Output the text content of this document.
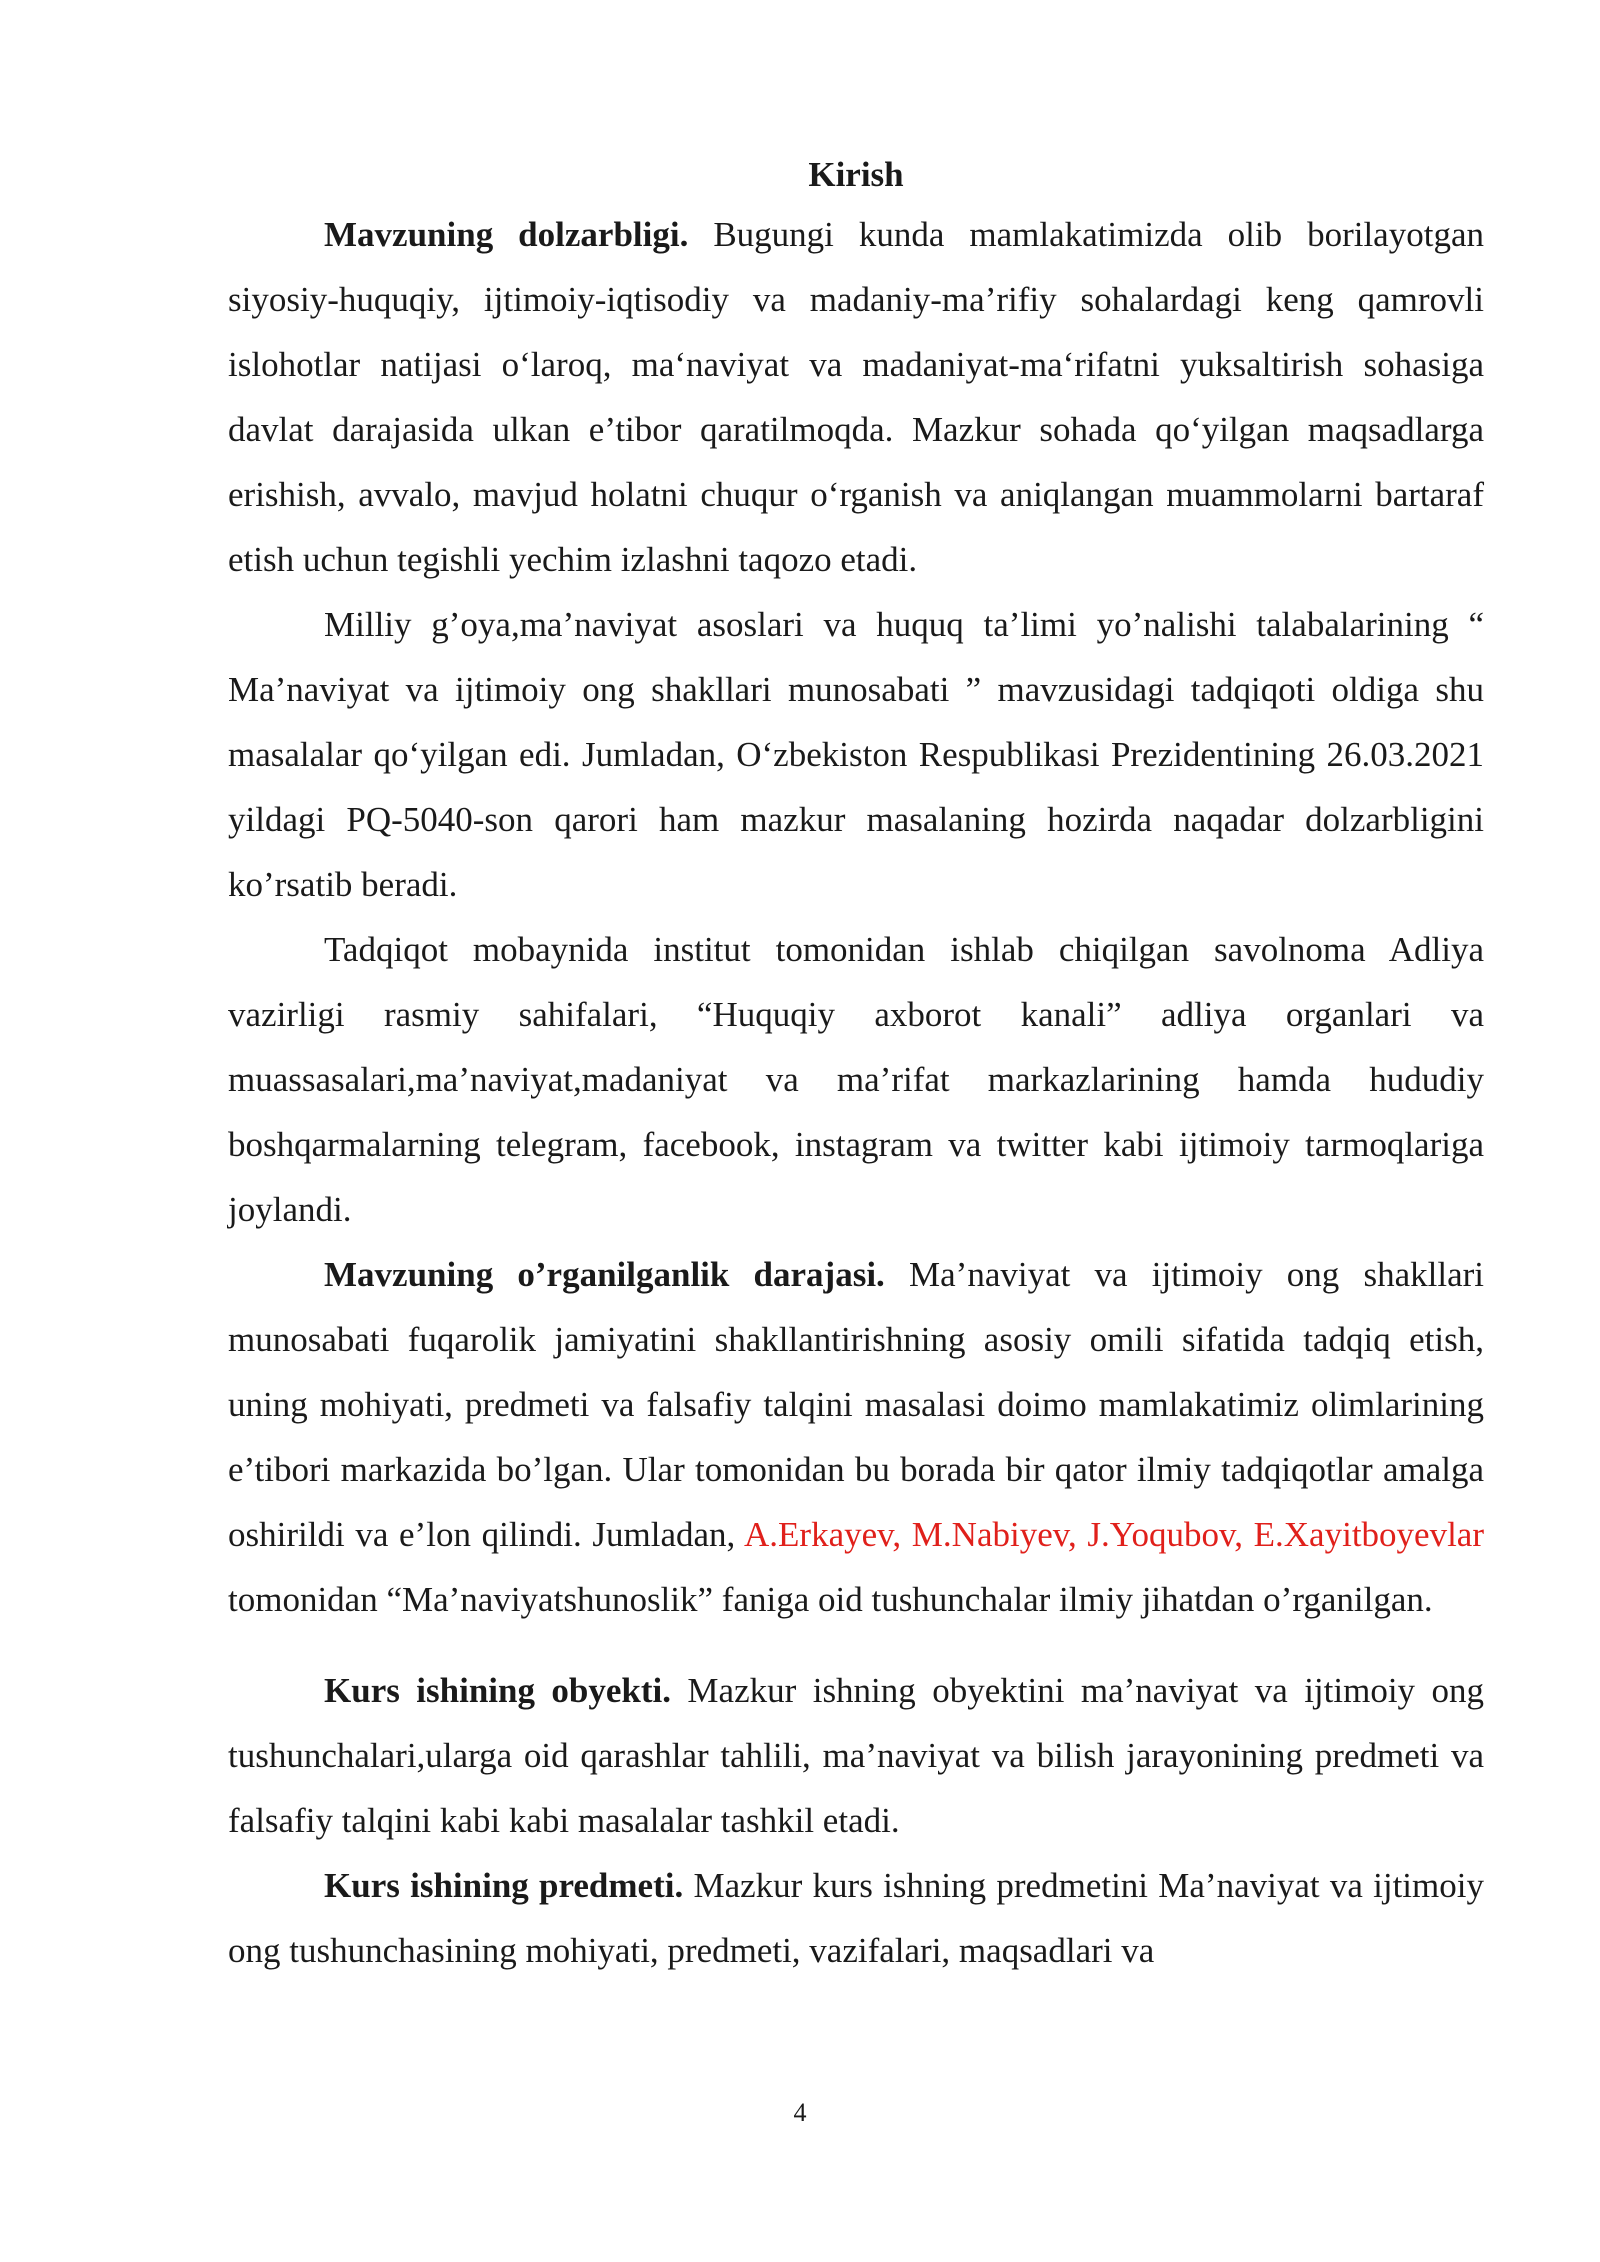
Kirish

Mavzuning dolzarbligi. Bugungi kunda mamlakatimizda olib borilayotgan siyosiy-huquqiy, ijtimoiy-iqtisodiy va madaniy-ma’rifiy sohalardagi keng qamrovli islohotlar natijasi o‘laroq, ma‘naviyat va madaniyat-ma‘rifatni yuksaltirish sohasiga davlat darajasida ulkan e’tibor qaratilmoqda. Mazkur sohada qo‘yilgan maqsadlarga erishish, avvalo, mavjud holatni chuqur o‘rganish va aniqlangan muammolarni bartaraf etish uchun tegishli yechim izlashni taqozo etadi.

Milliy g’oya,ma’naviyat asoslari va huquq ta’limi yo’nalishi talabalarining “ Ma’naviyat va ijtimoiy ong shakllari munosabati ” mavzusidagi tadqiqoti oldiga shu masalalar qo‘yilgan edi. Jumladan, O‘zbekiston Respublikasi Prezidentining 26.03.2021 yildagi PQ-5040-son qarori ham mazkur masalaning hozirda naqadar dolzarbligini ko’rsatib beradi.

Tadqiqot mobaynida institut tomonidan ishlab chiqilgan savolnoma Adliya vazirligi rasmiy sahifalari, “Huquqiy axborot kanali” adliya organlari va muassasalari,ma’naviyat,madaniyat va ma’rifat markazlarining hamda hududiy boshqarmalarning telegram, facebook, instagram va twitter kabi ijtimoiy tarmoqlariga joylandi.

Mavzuning o’rganilganlik darajasi. Ma’naviyat va ijtimoiy ong shakllari munosabati fuqarolik jamiyatini shakllantirishning asosiy omili sifatida tadqiq etish, uning mohiyati, predmeti va falsafiy talqini masalasi doimo mamlakatimiz olimlarining e’tibori markazida bo’lgan. Ular tomonidan bu borada bir qator ilmiy tadqiqotlar amalga oshirildi va e’lon qilindi. Jumladan, A.Erkayev, M.Nabiyev, J.Yoqubov, E.Xayitboyevlar tomonidan “Ma’naviyatshunoslik” faniga oid tushunchalar ilmiy jihatdan o’rganilgan.

Kurs ishining obyekti. Mazkur ishning obyektini ma’naviyat va ijtimoiy ong tushunchalari,ularga oid qarashlar tahlili, ma’naviyat va bilish jarayonining predmeti va falsafiy talqini kabi kabi masalalar tashkil etadi.

Kurs ishining predmeti. Mazkur kurs ishning predmetini Ma’naviyat va ijtimoiy ong tushunchasining mohiyati, predmeti, vazifalari, maqsadlari va

4
